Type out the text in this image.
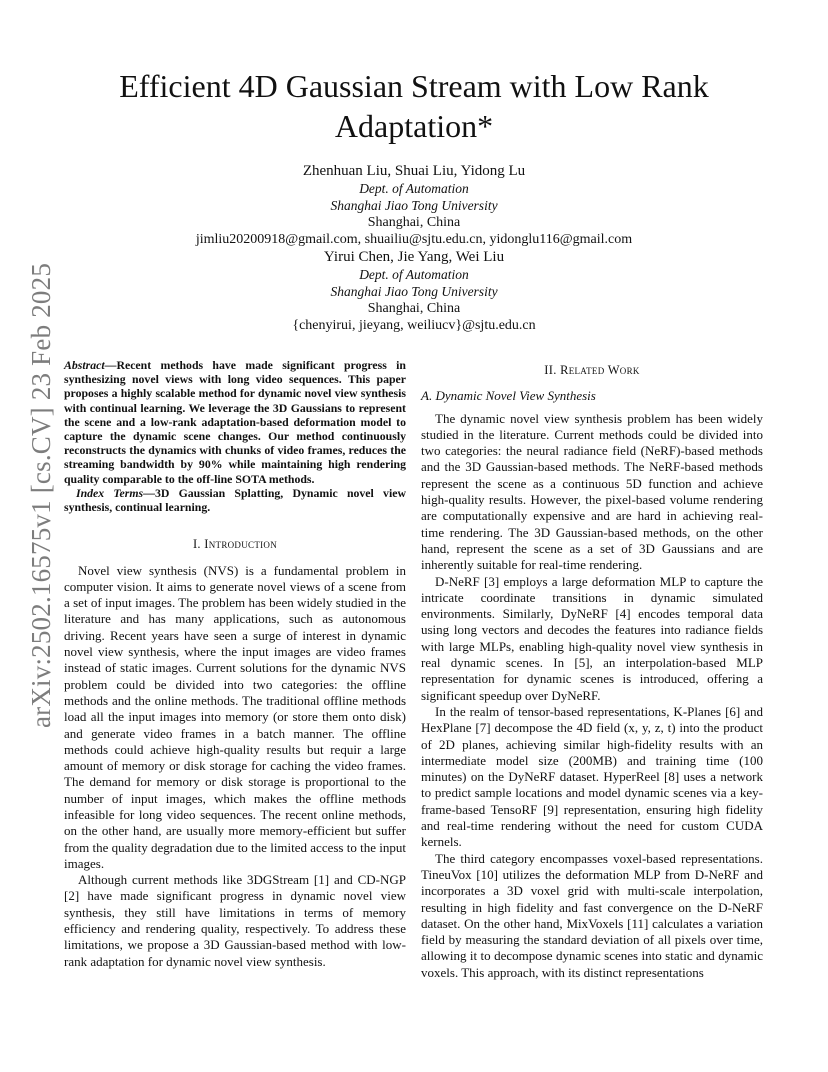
arXiv:2502.16575v1 [cs.CV] 23 Feb 2025
Efficient 4D Gaussian Stream with Low Rank Adaptation*
Zhenhuan Liu, Shuai Liu, Yidong Lu
Dept. of Automation
Shanghai Jiao Tong University
Shanghai, China
jimliu20200918@gmail.com, shuailiu@sjtu.edu.cn, yidonglu116@gmail.com
Yirui Chen, Jie Yang, Wei Liu
Dept. of Automation
Shanghai Jiao Tong University
Shanghai, China
{chenyirui, jieyang, weiliucv}@sjtu.edu.cn

Abstract—Recent methods have made significant progress in synthesizing novel views with long video sequences. This paper proposes a highly scalable method for dynamic novel view synthesis with continual learning. We leverage the 3D Gaussians to represent the scene and a low-rank adaptation-based deformation model to capture the dynamic scene changes. Our method continuously reconstructs the dynamics with chunks of video frames, reduces the streaming bandwidth by 90% while maintaining high rendering quality comparable to the off-line SOTA methods.

Index Terms—3D Gaussian Splatting, Dynamic novel view synthesis, continual learning.

I. Introduction

Novel view synthesis (NVS) is a fundamental problem in computer vision. It aims to generate novel views of a scene from a set of input images. The problem has been widely studied in the literature and has many applications, such as autonomous driving. Recent years have seen a surge of interest in dynamic novel view synthesis, where the input images are video frames instead of static images. Current solutions for the dynamic NVS problem could be divided into two categories: the offline methods and the online methods. The traditional offline methods load all the input images into memory (or store them onto disk) and generate video frames in a batch manner. The offline methods could achieve high-quality results but requir a large amount of memory or disk storage for caching the video frames. The demand for memory or disk storage is proportional to the number of input images, which makes the offline methods infeasible for long video sequences. The recent online methods, on the other hand, are usually more memory-efficient but suffer from the quality degradation due to the limited access to the input images.

Although current methods like 3DGStream [1] and CD-NGP [2] have made significant progress in dynamic novel view synthesis, they still have limitations in terms of memory efficiency and rendering quality, respectively. To address these limitations, we propose a 3D Gaussian-based method with low-rank adaptation for dynamic novel view synthesis.

II. Related Work
A. Dynamic Novel View Synthesis

The dynamic novel view synthesis problem has been widely studied in the literature. Current methods could be divided into two categories: the neural radiance field (NeRF)-based methods and the 3D Gaussian-based methods. The NeRF-based methods represent the scene as a continuous 5D function and achieve high-quality results. However, the pixel-based volume rendering are computationally expensive and are hard in achieving real-time rendering. The 3D Gaussian-based methods, on the other hand, represent the scene as a set of 3D Gaussians and are inherently suitable for real-time rendering.

D-NeRF [3] employs a large deformation MLP to capture the intricate coordinate transitions in dynamic simulated environments. Similarly, DyNeRF [4] encodes temporal data using long vectors and decodes the features into radiance fields with large MLPs, enabling high-quality novel view synthesis in real dynamic scenes. In [5], an interpolation-based MLP representation for dynamic scenes is introduced, offering a significant speedup over DyNeRF.

In the realm of tensor-based representations, K-Planes [6] and HexPlane [7] decompose the 4D field (x, y, z, t) into the product of 2D planes, achieving similar high-fidelity results with an intermediate model size (200MB) and training time (100 minutes) on the DyNeRF dataset. HyperReel [8] uses a network to predict sample locations and model dynamic scenes via a key-frame-based TensoRF [9] representation, ensuring high fidelity and real-time rendering without the need for custom CUDA kernels.

The third category encompasses voxel-based representations. TineuVox [10] utilizes the deformation MLP from D-NeRF and incorporates a 3D voxel grid with multi-scale interpolation, resulting in high fidelity and fast convergence on the D-NeRF dataset. On the other hand, MixVoxels [11] calculates a variation field by measuring the standard deviation of all pixels over time, allowing it to decompose dynamic scenes into static and dynamic voxels. This approach, with its distinct representations
